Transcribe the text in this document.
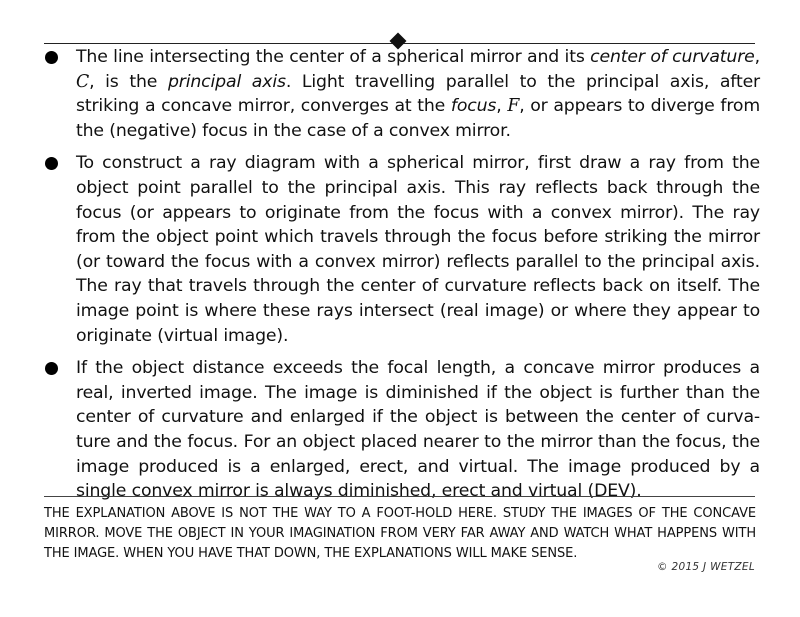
The line intersecting the center of a spherical mirror and its center of curvature, C, is the principal axis. Light travelling parallel to the principal axis, after striking a concave mirror, converges at the focus, F, or appears to diverge from the (negative) focus in the case of a convex mirror.
To construct a ray diagram with a spherical mirror, first draw a ray from the object point parallel to the principal axis. This ray reflects back through the focus (or appears to originate from the focus with a convex mirror). The ray from the object point which travels through the focus before striking the mirror (or toward the focus with a convex mirror) reflects parallel to the principal axis. The ray that travels through the center of curvature reflects back on itself. The image point is where these rays intersect (real image) or where they appear to originate (virtual image).
If the object distance exceeds the focal length, a concave mirror produces a real, inverted image. The image is diminished if the object is further than the center of curvature and enlarged if the object is between the center of curva-ture and the focus. For an object placed nearer to the mirror than the focus, the image produced is a enlarged, erect, and virtual. The image produced by a single convex mirror is always diminished, erect and virtual (DEV).

THE EXPLANATION ABOVE IS NOT THE WAY TO A FOOT-HOLD HERE. STUDY THE IMAGES OF THE CONCAVE MIRROR. MOVE THE OBJECT IN YOUR IMAGINATION FROM VERY FAR AWAY AND WATCH WHAT HAPPENS WITH THE IMAGE. WHEN YOU HAVE THAT DOWN, THE EXPLANATIONS WILL MAKE SENSE.

© 2015 J WETZEL
